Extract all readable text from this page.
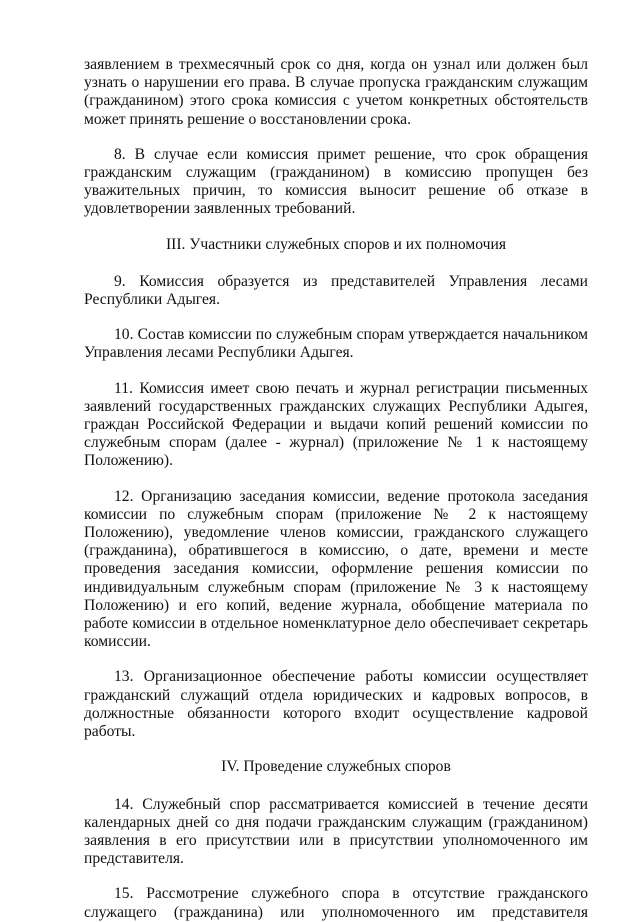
заявлением в трехмесячный срок со дня, когда он узнал или должен был узнать о нарушении его права. В случае пропуска гражданским служащим (гражданином) этого срока комиссия с учетом конкретных обстоятельств может принять решение о восстановлении срока.

8. В случае если комиссия примет решение, что срок обращения гражданским служащим (гражданином) в комиссию пропущен без уважительных причин, то комиссия выносит решение об отказе в удовлетворении заявленных требований.

III. Участники служебных споров и их полномочия

9. Комиссия образуется из представителей Управления лесами Республики Адыгея.

10. Состав комиссии по служебным спорам утверждается начальником Управления лесами Республики Адыгея.

11. Комиссия имеет свою печать и журнал регистрации письменных заявлений государственных гражданских служащих Республики Адыгея, граждан Российской Федерации и выдачи копий решений комиссии по служебным спорам (далее - журнал) (приложение № 1 к настоящему Положению).

12. Организацию заседания комиссии, ведение протокола заседания комиссии по служебным спорам (приложение № 2 к настоящему Положению), уведомление членов комиссии, гражданского служащего (гражданина), обратившегося в комиссию, о дате, времени и месте проведения заседания комиссии, оформление решения комиссии по индивидуальным служебным спорам (приложение № 3 к настоящему Положению) и его копий, ведение журнала, обобщение материала по работе комиссии в отдельное номенклатурное дело обеспечивает секретарь комиссии.

13. Организационное обеспечение работы комиссии осуществляет гражданский служащий отдела юридических и кадровых вопросов, в должностные обязанности которого входит осуществление кадровой работы.

IV. Проведение служебных споров

14. Служебный спор рассматривается комиссией в течение десяти календарных дней со дня подачи гражданским служащим (гражданином) заявления в его присутствии или в присутствии уполномоченного им представителя.

15. Рассмотрение служебного спора в отсутствие гражданского служащего (гражданина) или уполномоченного им представителя
